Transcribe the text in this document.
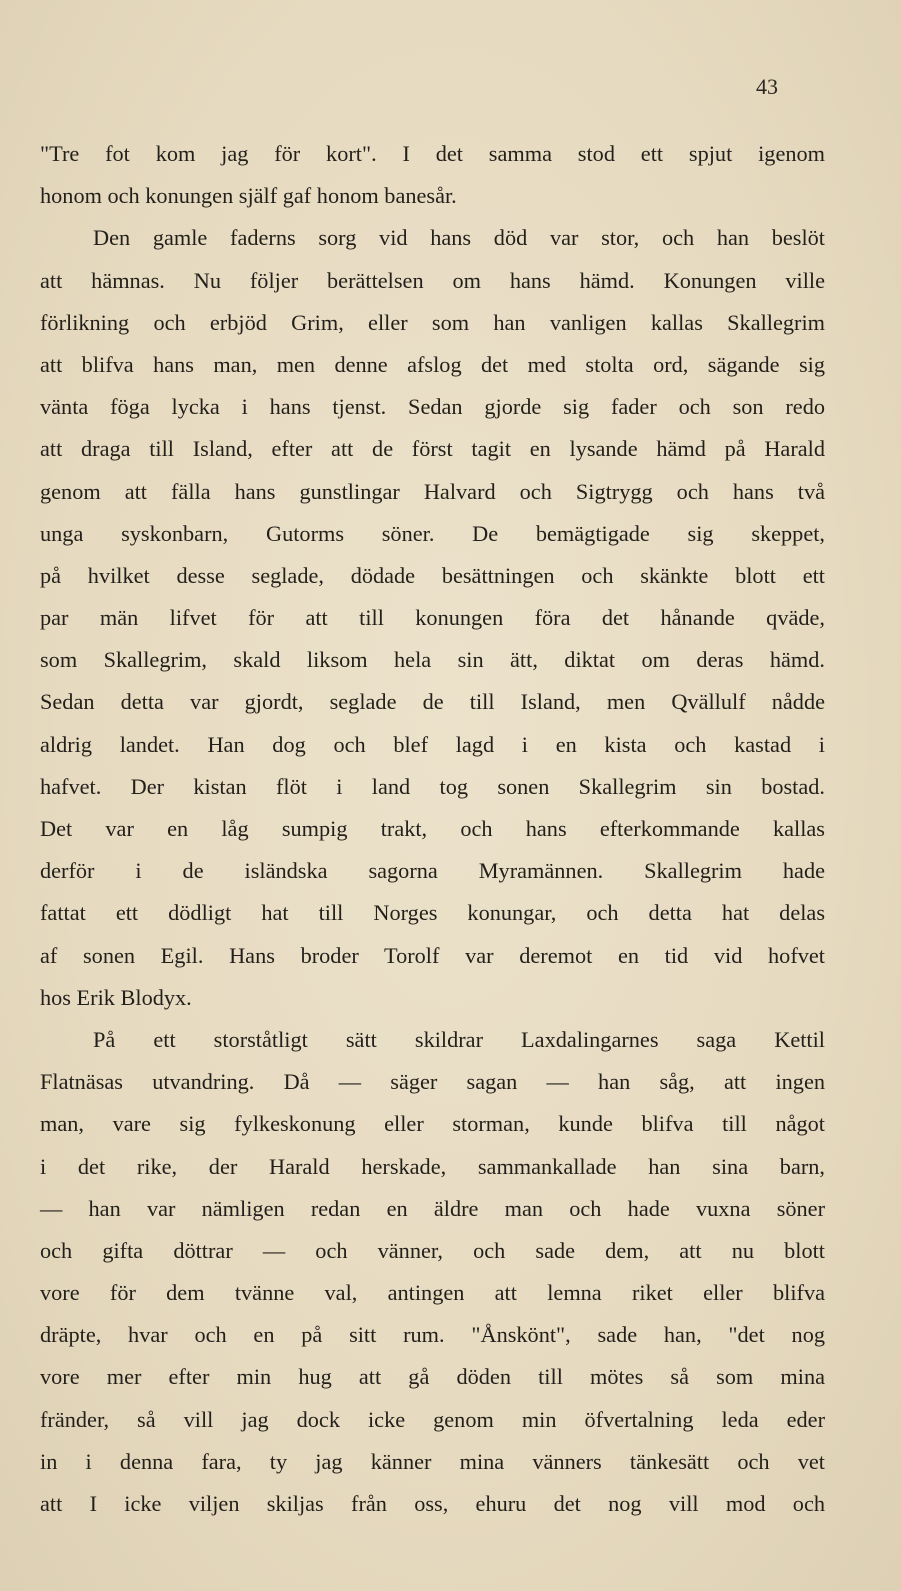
43
"Tre fot kom jag för kort". I det samma stod ett spjut igenom
honom och konungen själf gaf honom banesår.
Den gamle faderns sorg vid hans död var stor, och han beslöt
att hämnas. Nu följer berättelsen om hans hämd. Konungen ville
förlikning och erbjöd Grim, eller som han vanligen kallas Skallegrim
att blifva hans man, men denne afslog det med stolta ord, sägande sig
vänta föga lycka i hans tjenst. Sedan gjorde sig fader och son redo
att draga till Island, efter att de först tagit en lysande hämd på Harald
genom att fälla hans gunstlingar Halvard och Sigtrygg och hans två
unga syskonbarn, Gutorms söner. De bemägtigade sig skeppet,
på hvilket desse seglade, dödade besättningen och skänkte blott ett
par män lifvet för att till konungen föra det hånande qväde,
som Skallegrim, skald liksom hela sin ätt, diktat om deras hämd.
Sedan detta var gjordt, seglade de till Island, men Qvällulf nådde
aldrig landet. Han dog och blef lagd i en kista och kastad i
hafvet. Der kistan flöt i land tog sonen Skallegrim sin bostad.
Det var en låg sumpig trakt, och hans efterkommande kallas
derför i de isländska sagorna Myramännen. Skallegrim hade
fattat ett dödligt hat till Norges konungar, och detta hat delas
af sonen Egil. Hans broder Torolf var deremot en tid vid hofvet
hos Erik Blodyx.
På ett storståtligt sätt skildrar Laxdalingarnes saga Kettil
Flatnäsas utvandring. Då — säger sagan — han såg, att ingen
man, vare sig fylkeskonung eller storman, kunde blifva till något
i det rike, der Harald herskade, sammankallade han sina barn,
— han var nämligen redan en äldre man och hade vuxna söner
och gifta döttrar — och vänner, och sade dem, att nu blott
vore för dem tvänne val, antingen att lemna riket eller blifva
dräpte, hvar och en på sitt rum. "Ånskönt", sade han, "det nog
vore mer efter min hug att gå döden till mötes så som mina
fränder, så vill jag dock icke genom min öfvertalning leda eder
in i denna fara, ty jag känner mina vänners tänkesätt och vet
att I icke viljen skiljas från oss, ehuru det nog vill mod och
